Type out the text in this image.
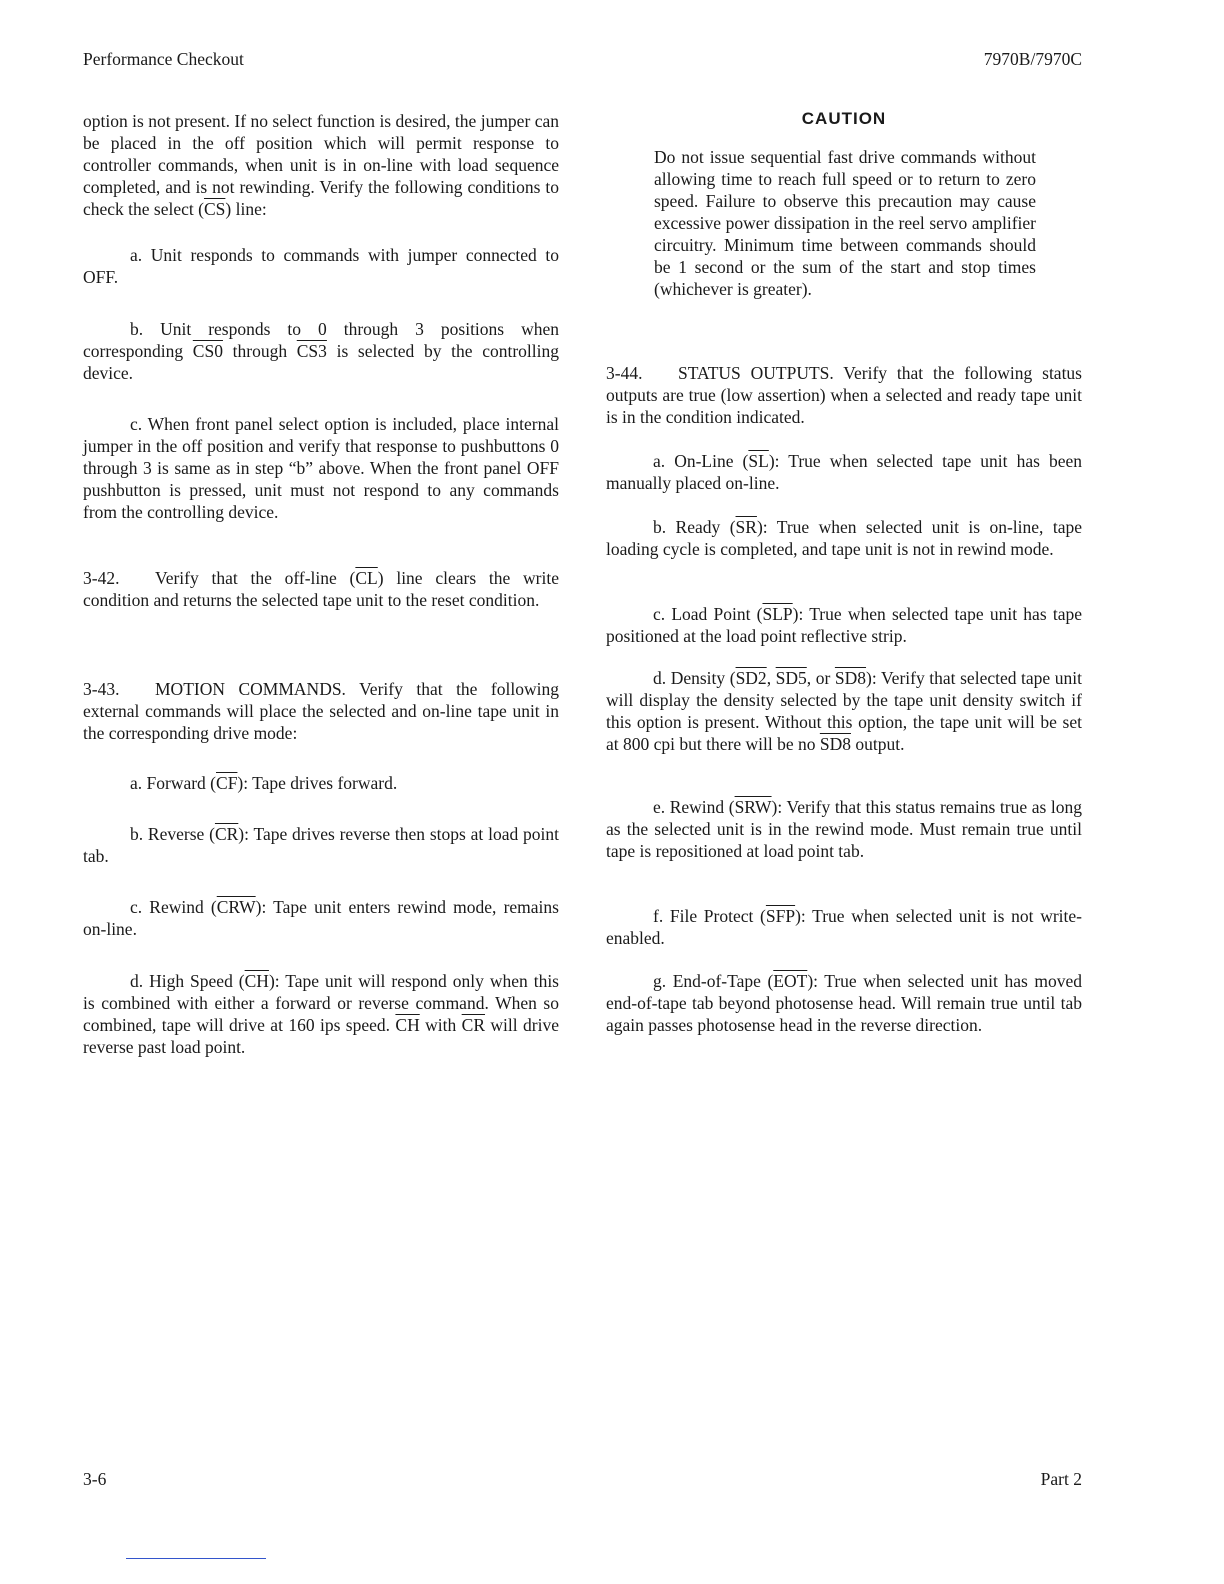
Performance Checkout	7970B/7970C

option is not present. If no select function is desired, the jumper can be placed in the off position which will permit response to controller commands, when unit is in on-line with load sequence completed, and is not rewinding. Verify the following conditions to check the select $(\overline{CS})$ line:

a. Unit responds to commands with jumper connected to OFF.

b. Unit responds to 0 through 3 positions when corresponding CS0 through CS3 is selected by the controlling device.

c. When front panel select option is included, place internal jumper in the off position and verify that response to pushbuttons 0 through 3 is same as in step “b” above. When the front panel OFF pushbutton is pressed, unit must not respond to any commands from the controlling device.

3-42. Verify that the off-line $(\overline{CL})$ line clears the write condition and returns the selected tape unit to the reset condition.

3-43. MOTION COMMANDS. Verify that the following external commands will place the selected and on-line tape unit in the corresponding drive mode:

a. Forward $(\overline{CF})$: Tape drives forward.

b. Reverse $(\overline{CR})$: Tape drives reverse then stops at load point tab.

c. Rewind $(\overline{CRW})$: Tape unit enters rewind mode, remains on-line.

d. High Speed $(\overline{CH})$: Tape unit will respond only when this is combined with either a forward or reverse command. When so combined, tape will drive at 160 ips speed. $\overline{CH}$ with $\overline{CR}$ will drive reverse past load point.

CAUTION

Do not issue sequential fast drive commands without allowing time to reach full speed or to return to zero speed. Failure to observe this precaution may cause excessive power dissipation in the reel servo amplifier circuitry. Minimum time between commands should be 1 second or the sum of the start and stop times (whichever is greater).

3-44. STATUS OUTPUTS. Verify that the following status outputs are true (low assertion) when a selected and ready tape unit is in the condition indicated.

a. On-Line $(\overline{SL})$: True when selected tape unit has been manually placed on-line.

b. Ready $(\overline{SR})$: True when selected unit is on-line, tape loading cycle is completed, and tape unit is not in rewind mode.

c. Load Point $(\overline{SLP})$: True when selected tape unit has tape positioned at the load point reflective strip.

d. Density (SD2, SD5, or SD8): Verify that selected tape unit will display the density selected by the tape unit density switch if this option is present. Without this option, the tape unit will be set at 800 cpi but there will be no SD8 output.

e. Rewind $(\overline{SRW})$: Verify that this status remains true as long as the selected unit is in the rewind mode. Must remain true until tape is repositioned at load point tab.

f. File Protect $(\overline{SFP})$: True when selected unit is not write-enabled.

g. End-of-Tape $(\overline{EOT})$: True when selected unit has moved end-of-tape tab beyond photosense head. Will remain true until tab again passes photosense head in the reverse direction.

3-6	Part 2
